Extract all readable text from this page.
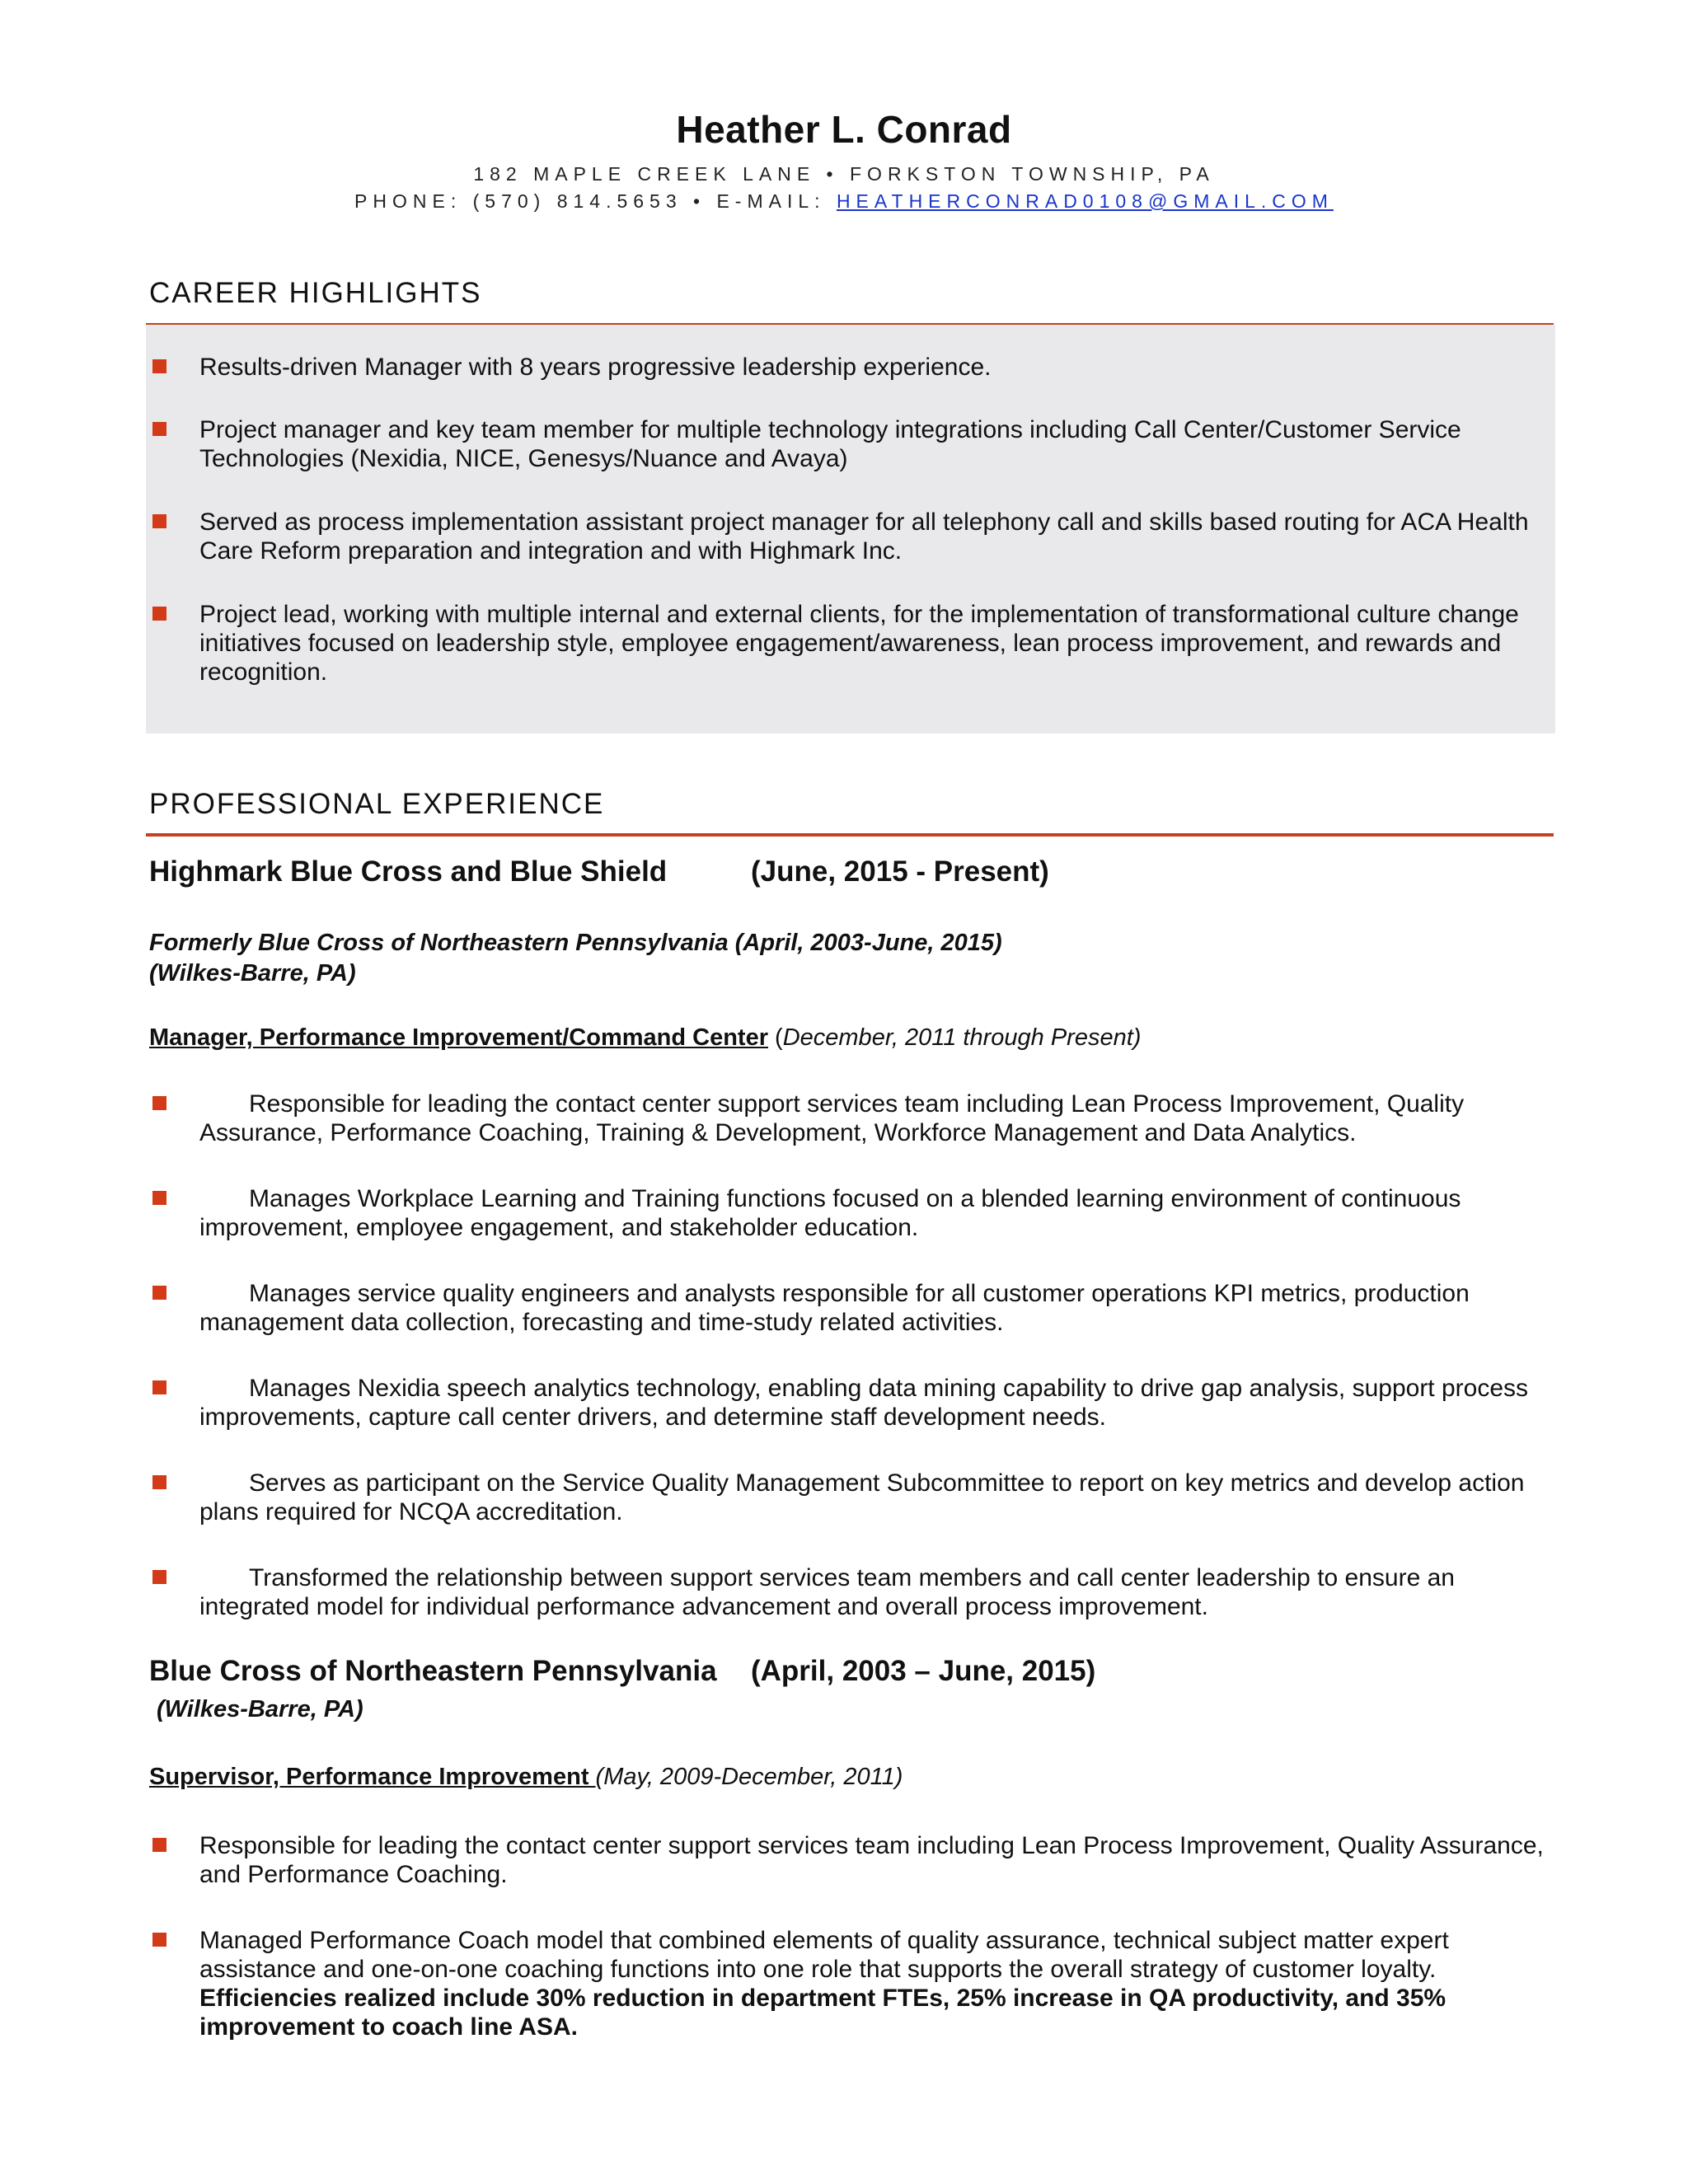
Heather L. Conrad
182 MAPLE CREEK LANE • FORKSTON TOWNSHIP, PA
PHONE: (570) 814.5653 • E-MAIL: HEATHERCONRAD0108@GMAIL.COM
CAREER HIGHLIGHTS
Results-driven Manager with 8 years progressive leadership experience.
Project manager and key team member for multiple technology integrations including Call Center/Customer Service Technologies (Nexidia, NICE, Genesys/Nuance and Avaya)
Served as process implementation assistant project manager for all telephony call and skills based routing for ACA Health Care Reform preparation and integration and with Highmark Inc.
Project lead, working with multiple internal and external clients, for the implementation of transformational culture change initiatives focused on leadership style, employee engagement/awareness, lean process improvement, and rewards and recognition.
PROFESSIONAL EXPERIENCE
Highmark Blue Cross and Blue Shield	(June, 2015 - Present)
Formerly Blue Cross of Northeastern Pennsylvania (April, 2003-June, 2015)
(Wilkes-Barre, PA)
Manager, Performance Improvement/Command Center (December, 2011 through Present)
Responsible for leading the contact center support services team including Lean Process Improvement, Quality Assurance, Performance Coaching, Training & Development, Workforce Management and Data Analytics.
Manages Workplace Learning and Training functions focused on a blended learning environment of continuous improvement, employee engagement, and stakeholder education.
Manages service quality engineers and analysts responsible for all customer operations KPI metrics, production management data collection, forecasting and time-study related activities.
Manages Nexidia speech analytics technology, enabling data mining capability to drive gap analysis, support process improvements, capture call center drivers, and determine staff development needs.
Serves as participant on the Service Quality Management Subcommittee to report on key metrics and develop action plans required for NCQA accreditation.
Transformed the relationship between support services team members and call center leadership to ensure an integrated model for individual performance advancement and overall process improvement.
Blue Cross of Northeastern Pennsylvania (April, 2003 – June, 2015)
(Wilkes-Barre, PA)
Supervisor, Performance Improvement (May, 2009-December, 2011)
Responsible for leading the contact center support services team including Lean Process Improvement, Quality Assurance, and Performance Coaching.
Managed Performance Coach model that combined elements of quality assurance, technical subject matter expert assistance and one-on-one coaching functions into one role that supports the overall strategy of customer loyalty. Efficiencies realized include 30% reduction in department FTEs, 25% increase in QA productivity, and 35% improvement to coach line ASA.
